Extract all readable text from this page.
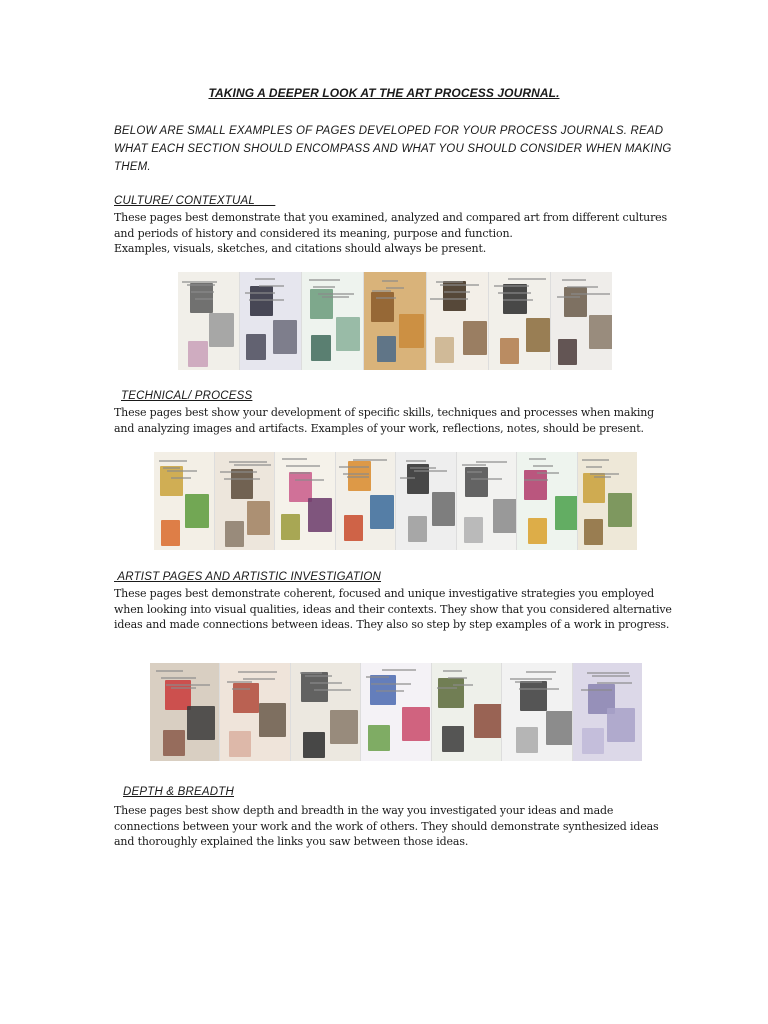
TAKING A DEEPER LOOK AT THE ART PROCESS JOURNAL.
BELOW ARE SMALL EXAMPLES OF PAGES DEVELOPED FOR YOUR PROCESS JOURNALS. READ WHAT EACH SECTION SHOULD ENCOMPASS AND WHAT YOU SHOULD CONSIDER WHEN MAKING THEM.
CULTURE/ CONTEXTUAL
These pages best demonstrate that you examined, analyzed and compared art from different cultures and periods of history and considered its meaning, purpose and function.
Examples, visuals, sketches, and citations should always be present.
TECHNICAL/ PROCESS
These pages best show your development of specific skills, techniques and processes when making and analyzing images and artifacts. Examples of your work, reflections, notes, should be present.
ARTIST PAGES AND ARTISTIC INVESTIGATION
These pages best demonstrate coherent, focused and unique investigative strategies you employed when looking into visual qualities, ideas and their contexts. They show that you considered alternative ideas and made connections between ideas. They also so step by step examples of a work in progress.
DEPTH & BREADTH
These pages best show depth and breadth in the way you investigated your ideas and made connections between your work and the work of others. They should demonstrate synthesized ideas and thoroughly explained the links you saw between those ideas.
